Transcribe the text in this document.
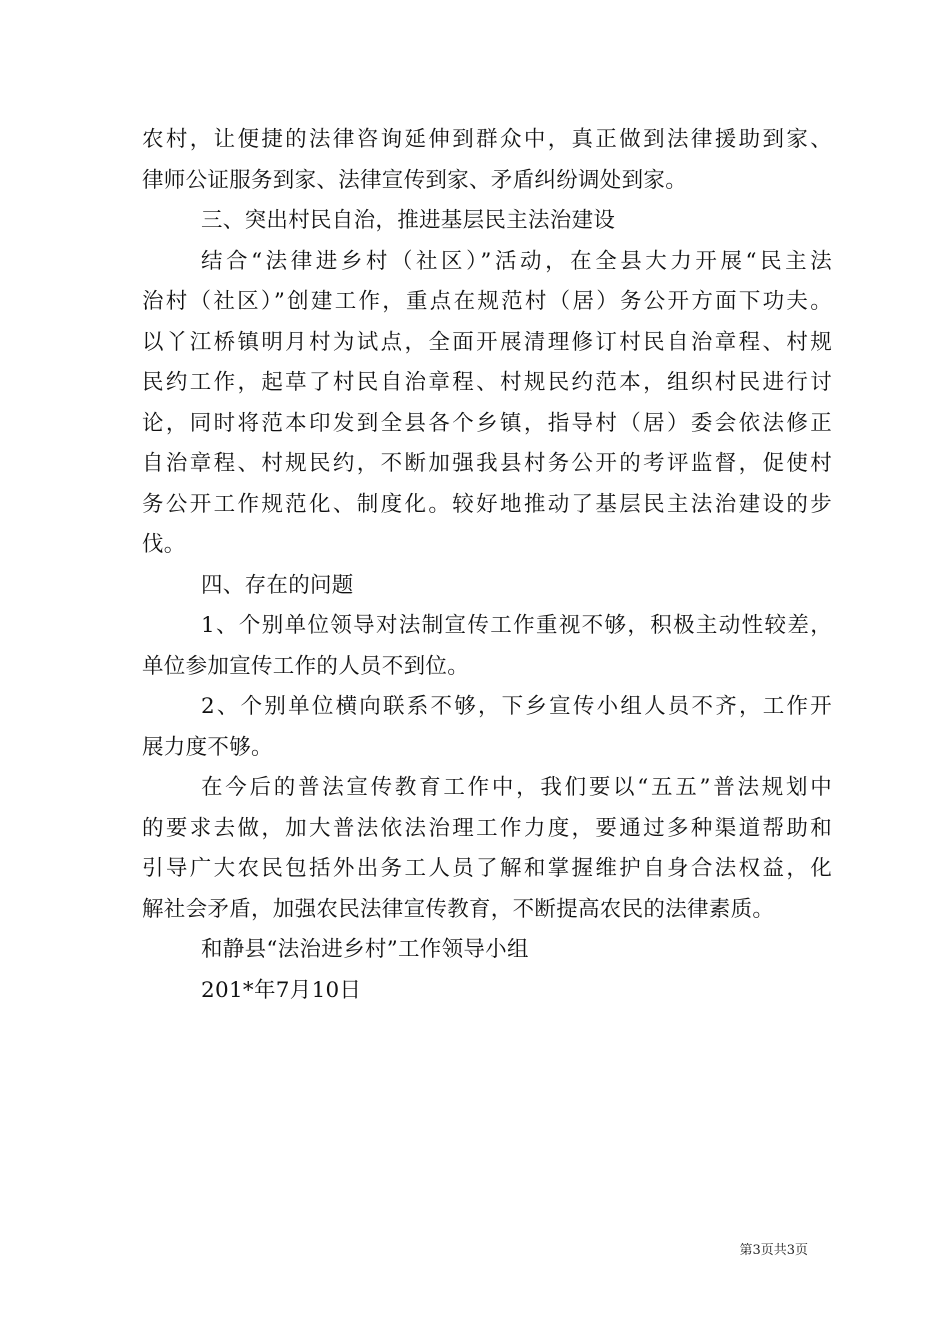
农村，让便捷的法律咨询延伸到群众中，真正做到法律援助到家、
律师公证服务到家、法律宣传到家、矛盾纠纷调处到家。
三、突出村民自治，推进基层民主法治建设
结合“法律进乡村（社区）”活动，在全县大力开展“民主法
治村（社区）”创建工作，重点在规范村（居）务公开方面下功夫。
以丫江桥镇明月村为试点，全面开展清理修订村民自治章程、村规
民约工作，起草了村民自治章程、村规民约范本，组织村民进行讨
论，同时将范本印发到全县各个乡镇，指导村（居）委会依法修正
自治章程、村规民约，不断加强我县村务公开的考评监督，促使村
务公开工作规范化、制度化。较好地推动了基层民主法治建设的步
伐。
四、存在的问题
1、个别单位领导对法制宣传工作重视不够，积极主动性较差，
单位参加宣传工作的人员不到位。
2、个别单位横向联系不够，下乡宣传小组人员不齐，工作开
展力度不够。
在今后的普法宣传教育工作中，我们要以“五五”普法规划中
的要求去做，加大普法依法治理工作力度，要通过多种渠道帮助和
引导广大农民包括外出务工人员了解和掌握维护自身合法权益，化
解社会矛盾，加强农民法律宣传教育，不断提高农民的法律素质。
和静县“法治进乡村”工作领导小组
201*年7月10日
第3页共3页
